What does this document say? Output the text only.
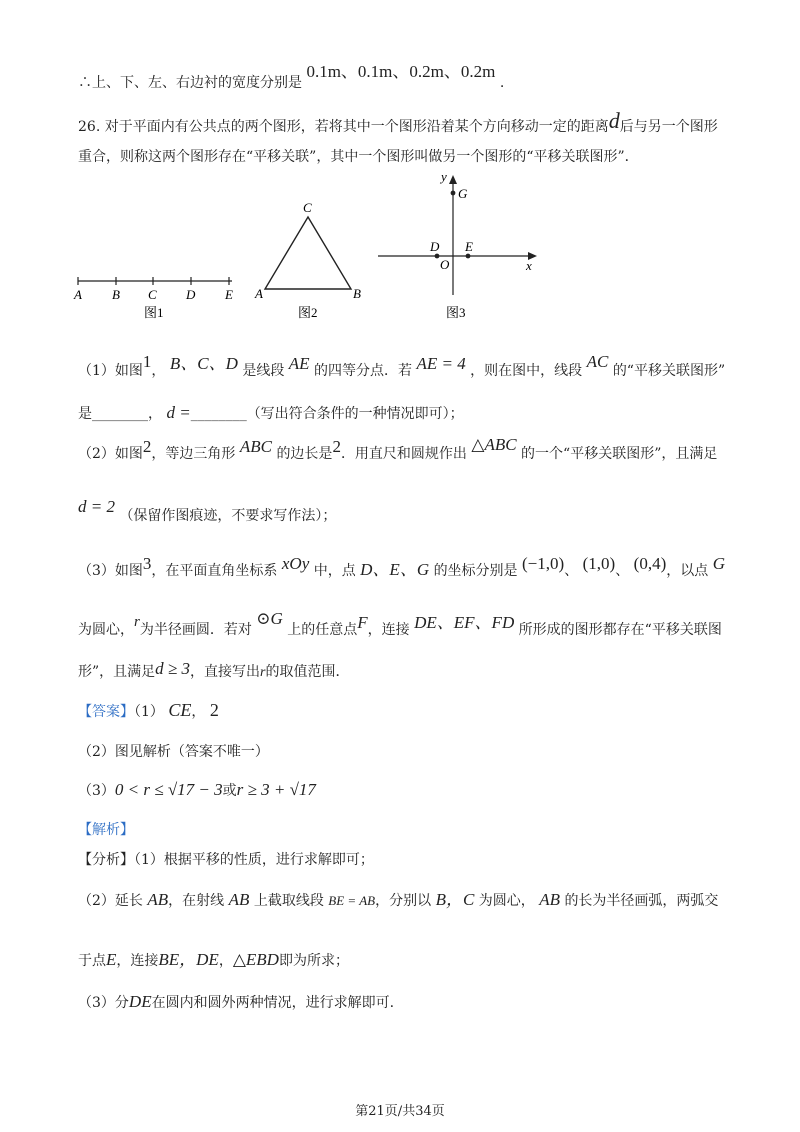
∴上、下、左、右边衬的宽度分别是 0.1m、0.1m、0.2m、0.2m .
26. 对于平面内有公共点的两个图形，若将其中一个图形沿着某个方向移动一定的距离d后与另一个图形
重合，则称这两个图形存在“平移关联”，其中一个图形叫做另一个图形的“平移关联图形”．
A B C D E
图1
A	B
C
图2
x
y
O
D E
G
图3
（1）如图1， B、C、D 是线段 AE 的四等分点．若 AE = 4 ，则在图中，线段 AC 的“平移关联图形”
是________， d =________（写出符合条件的一种情况即可）；
（2）如图2，等边三角形 ABC 的边长是2．用直尺和圆规作出 △ABC 的一个“平移关联图形”，且满足
d = 2 （保留作图痕迹，不要求写作法）；
（3）如图3，在平面直角坐标系 xOy 中，点 D、E、G 的坐标分别是 (−1,0)、 (1,0)、 (0,4)，以点 G
为圆心，r为半径画圆．若对 ⊙G 上的任意点F，连接 DE、EF、FD 所形成的图形都存在“平移关联图
形”，且满足d ≥ 3，直接写出r的取值范围．
【答案】（1） CE， 2
（2）图见解析（答案不唯一）
（3）0 < r ≤ √17 − 3或r ≥ 3 + √17
【解析】
【分析】（1）根据平移的性质，进行求解即可；
（2）延长 AB，在射线 AB 上截取线段 BE = AB，分别以 B，C 为圆心， AB 的长为半径画弧，两弧交
于点E，连接BE，DE，△EBD即为所求；
（3）分DE在圆内和圆外两种情况，进行求解即可.
第21页/共34页
